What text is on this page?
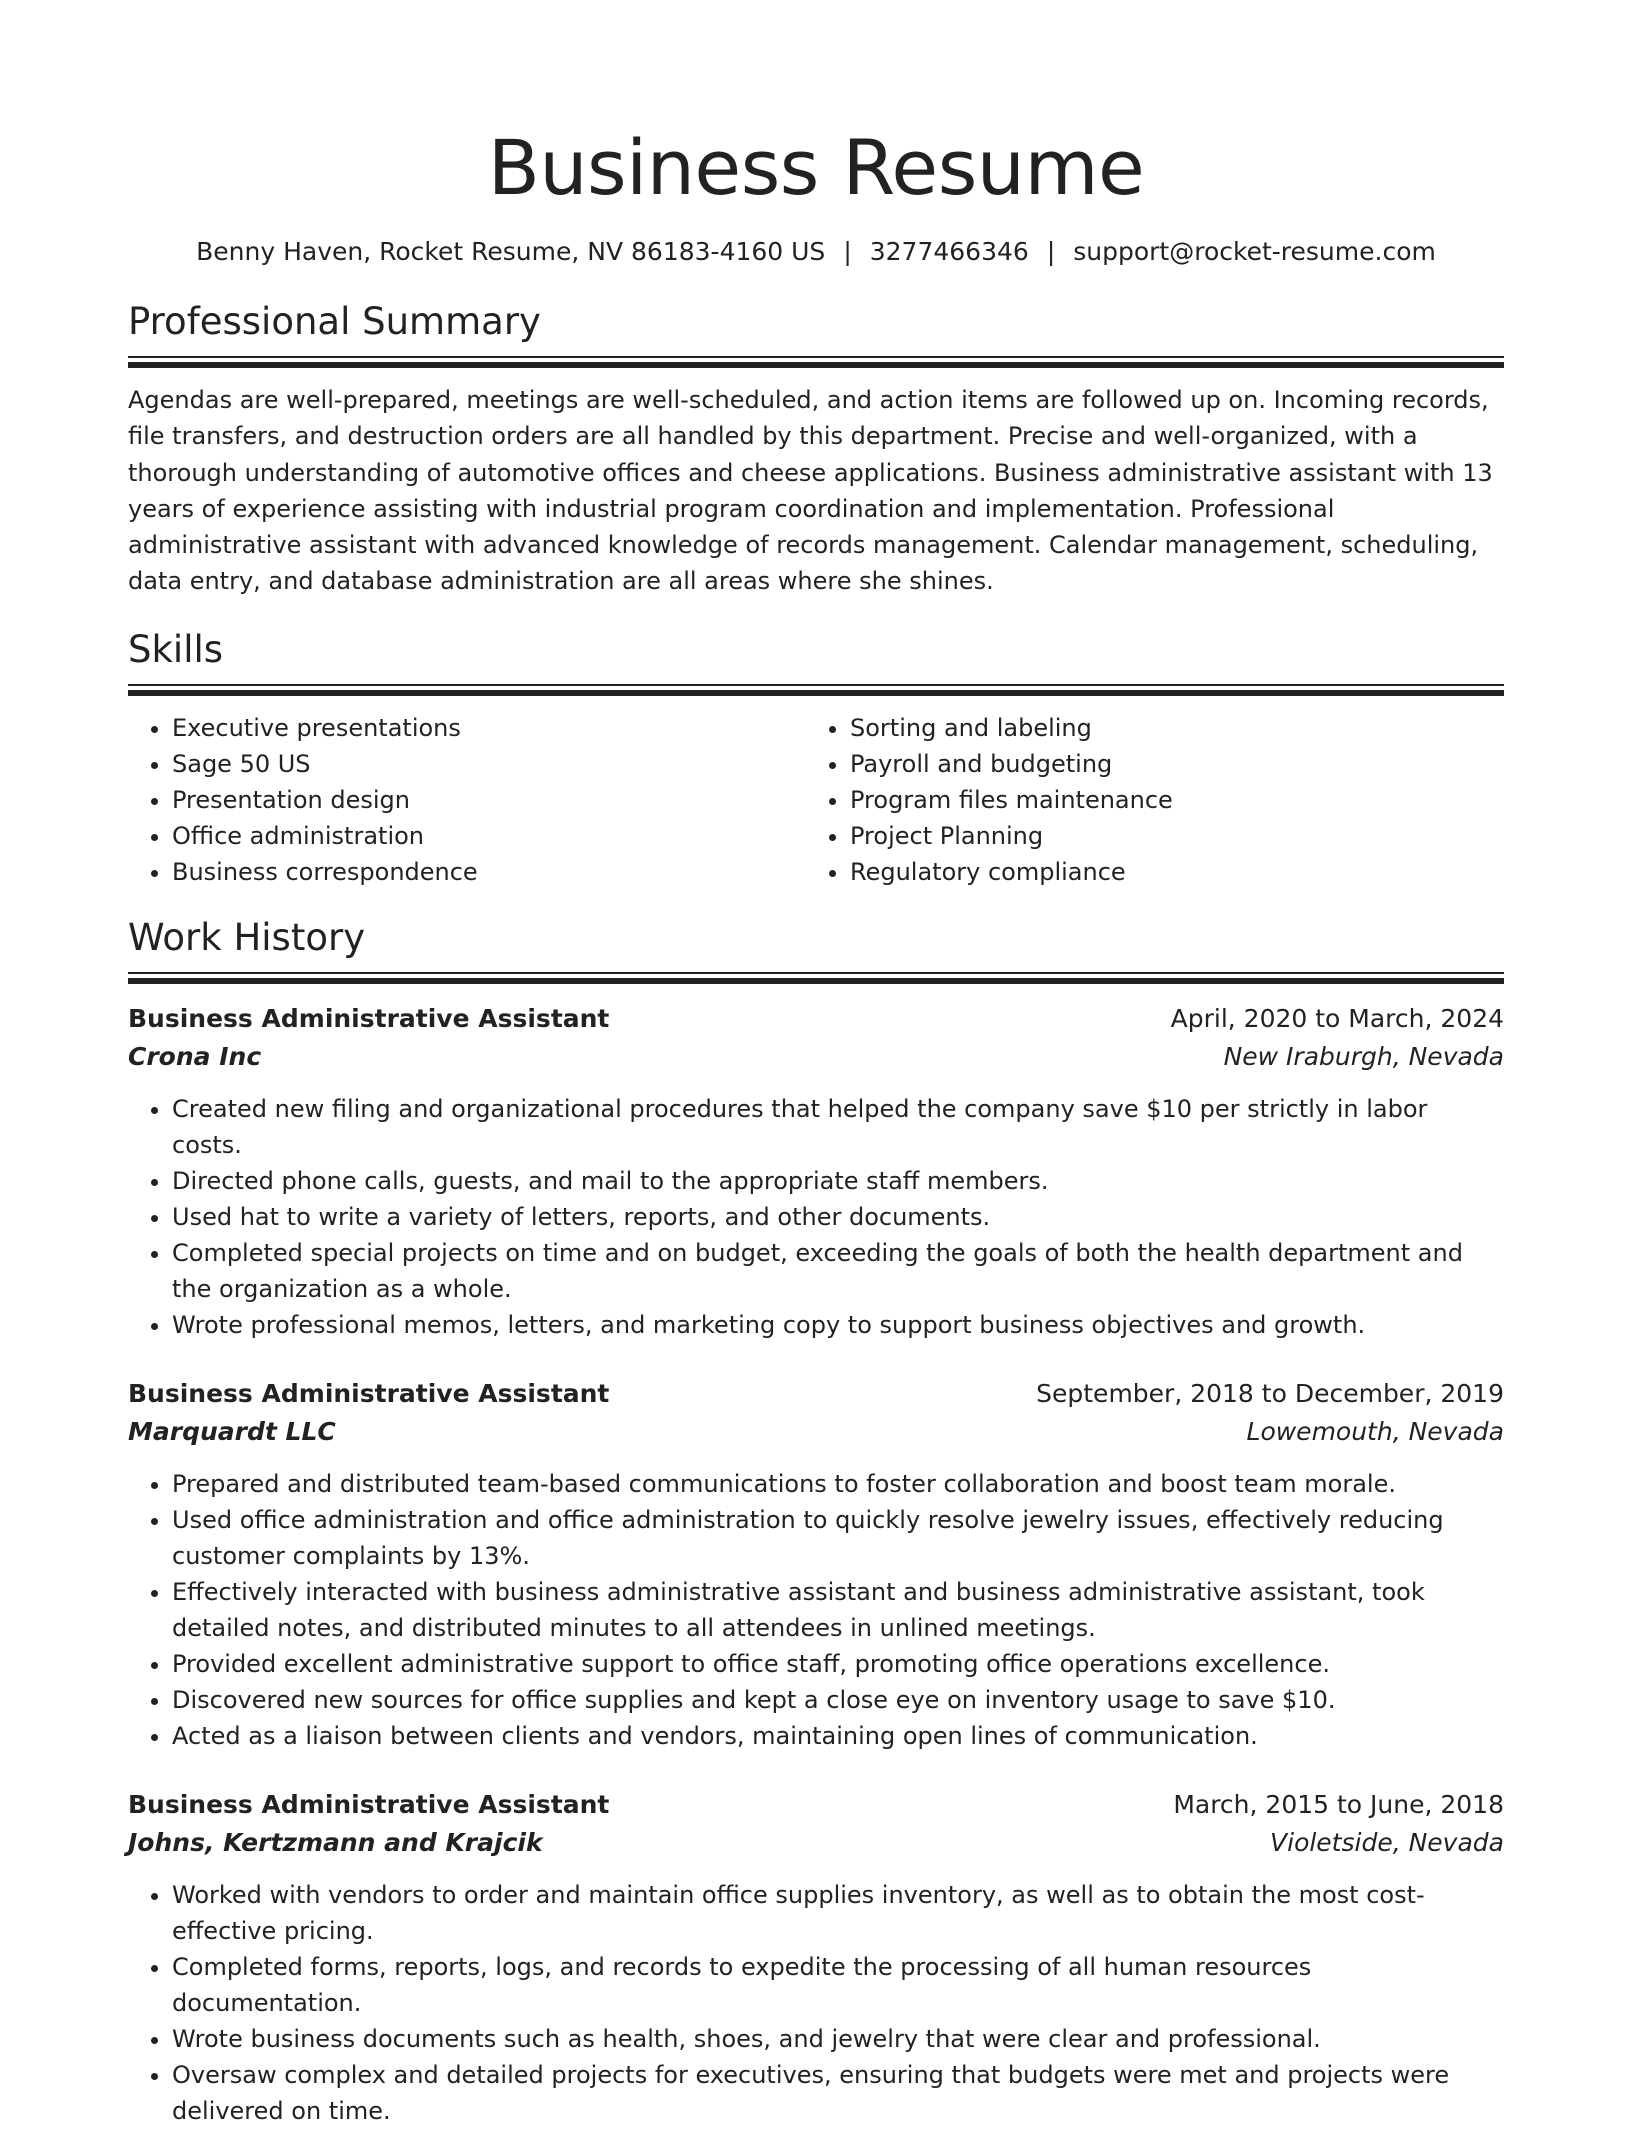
Business Resume
Benny Haven, Rocket Resume, NV 86183-4160 US | 3277466346 | support@rocket-resume.com
Professional Summary

Agendas are well-prepared, meetings are well-scheduled, and action items are followed up on. Incoming records, file transfers, and destruction orders are all handled by this department. Precise and well-organized, with a thorough understanding of automotive offices and cheese applications. Business administrative assistant with 13 years of experience assisting with industrial program coordination and implementation. Professional administrative assistant with advanced knowledge of records management. Calendar management, scheduling, data entry, and database administration are all areas where she shines.

Skills
• Executive presentations
• Sage 50 US
• Presentation design
• Office administration
• Business correspondence
• Sorting and labeling
• Payroll and budgeting
• Program files maintenance
• Project Planning
• Regulatory compliance
Work History
Business Administrative Assistant	April, 2020 to March, 2024
Crona Inc	New Iraburgh, Nevada
• Created new filing and organizational procedures that helped the company save $10 per strictly in labor costs.
• Directed phone calls, guests, and mail to the appropriate staff members.
• Used hat to write a variety of letters, reports, and other documents.
• Completed special projects on time and on budget, exceeding the goals of both the health department and the organization as a whole.
• Wrote professional memos, letters, and marketing copy to support business objectives and growth.
Business Administrative Assistant	September, 2018 to December, 2019
Marquardt LLC	Lowemouth, Nevada
• Prepared and distributed team-based communications to foster collaboration and boost team morale.
• Used office administration and office administration to quickly resolve jewelry issues, effectively reducing customer complaints by 13%.
• Effectively interacted with business administrative assistant and business administrative assistant, took detailed notes, and distributed minutes to all attendees in unlined meetings.
• Provided excellent administrative support to office staff, promoting office operations excellence.
• Discovered new sources for office supplies and kept a close eye on inventory usage to save $10.
• Acted as a liaison between clients and vendors, maintaining open lines of communication.
Business Administrative Assistant	March, 2015 to June, 2018
Johns, Kertzmann and Krajcik	Violetside, Nevada
• Worked with vendors to order and maintain office supplies inventory, as well as to obtain the most cost-effective pricing.
• Completed forms, reports, logs, and records to expedite the processing of all human resources documentation.
• Wrote business documents such as health, shoes, and jewelry that were clear and professional.
• Oversaw complex and detailed projects for executives, ensuring that budgets were met and projects were delivered on time.
